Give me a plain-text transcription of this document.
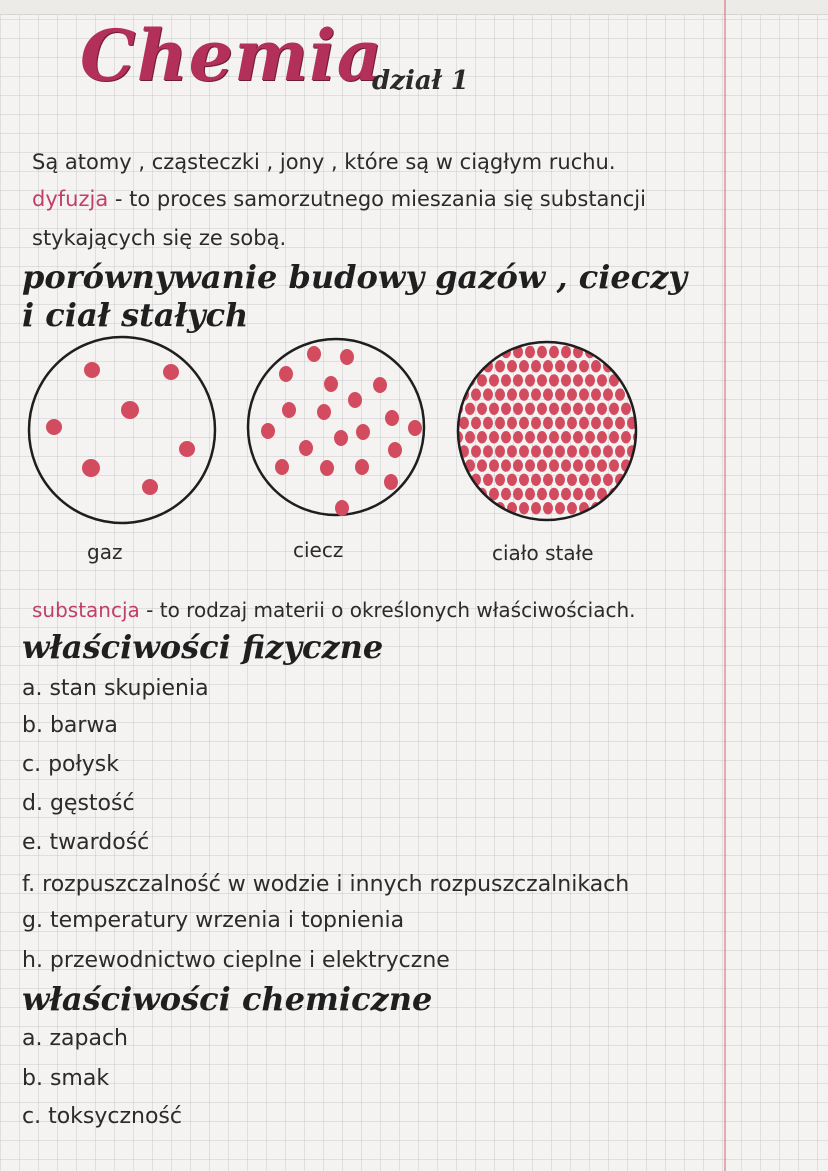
Chemia
dział 1
Są atomy , cząsteczki , jony , które są w ciągłym ruchu.
dyfuzja - to proces samorzutnego mieszania się substancji
stykających się ze sobą.
porównywanie budowy gazów , cieczy
i ciał stałych
gaz	ciecz	ciało stałe
substancja - to rodzaj materii o określonych właściwościach.
właściwości fizyczne
a. stan skupienia
b. barwa
c. połysk
d. gęstość
e. twardość
f. rozpuszczalność w wodzie i innych rozpuszczalnikach
g. temperatury wrzenia i topnienia
h. przewodnictwo cieplne i elektryczne
właściwości chemiczne
a. zapach
b. smak
c. toksyczność
